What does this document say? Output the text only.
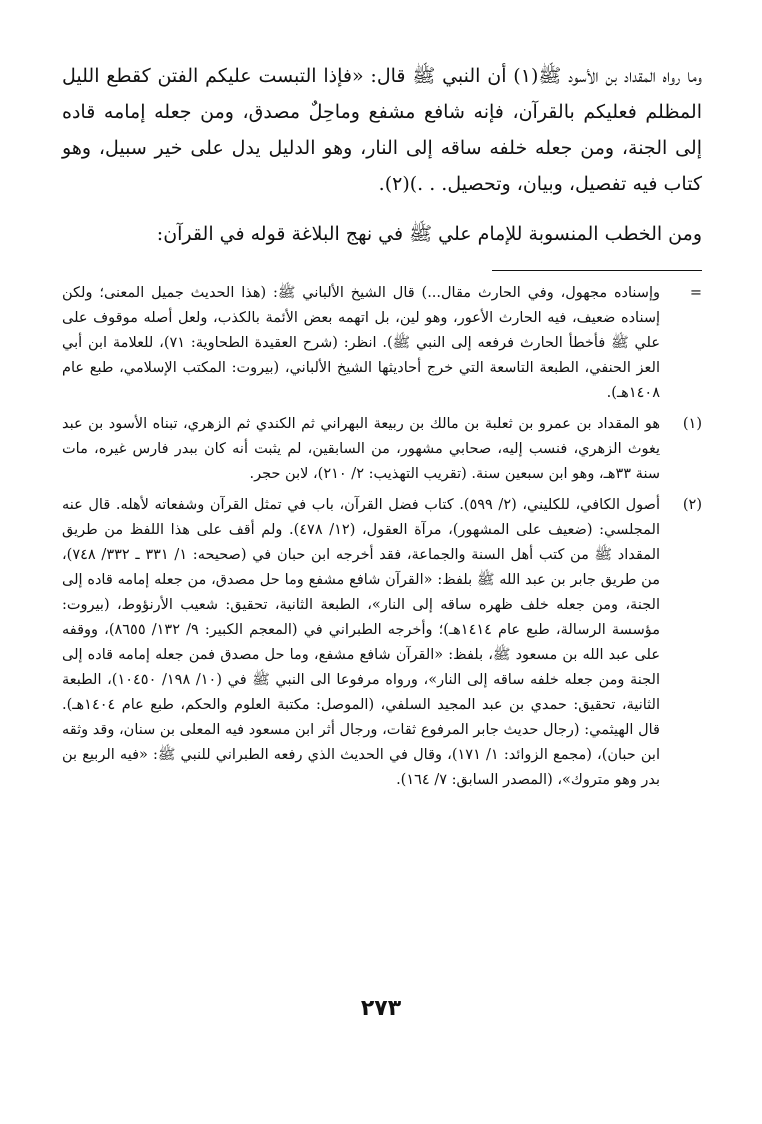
وما رواه المقداد بن الأسود ﷺ(١) أن النبي ﷺ قال: «فإذا التبست عليكم الفتن كقطع الليل المظلم فعليكم بالقرآن، فإنه شافع مشفع وماحِلٌ مصدق، ومن جعله إمامه قاده إلى الجنة، ومن جعله خلفه ساقه إلى النار، وهو الدليل يدل على خير سبيل، وهو كتاب فيه تفصيل، وبيان، وتحصيل. . .)(٢).

ومن الخطب المنسوبة للإمام علي ﷺ في نهج البلاغة قوله في القرآن:

=
وإسناده مجهول، وفي الحارث مقال...) قال الشيخ الألباني ﷺ: (هذا الحديث جميل المعنى؛ ولكن إسناده ضعيف، فيه الحارث الأعور، وهو لين، بل اتهمه بعض الأئمة بالكذب، ولعل أصله موقوف على علي ﷺ فأخطأ الحارث فرفعه إلى النبي ﷺ). انظر: (شرح العقيدة الطحاوية: ٧١)، للعلامة ابن أبي العز الحنفي، الطبعة التاسعة التي خرج أحاديثها الشيخ الألباني، (بيروت: المكتب الإسلامي، طبع عام ١٤٠٨هـ).
(١)
هو المقداد بن عمرو بن ثعلبة بن مالك بن ربيعة البهراني ثم الكندي ثم الزهري، تبناه الأسود بن عبد يغوث الزهري، فنسب إليه، صحابي مشهور، من السابقين، لم يثبت أنه كان ببدر فارس غيره، مات سنة ٣٣هـ، وهو ابن سبعين سنة. (تقريب التهذيب: ٢/ ٢١٠)، لابن حجر.
(٢)
أصول الكافي، للكليني، (٢/ ٥٩٩). كتاب فضل القرآن، باب في تمثل القرآن وشفعاته لأهله. قال عنه المجلسي: (ضعيف على المشهور)، مرآة العقول، (١٢/ ٤٧٨). ولم أقف على هذا اللفظ من طريق المقداد ﷺ من كتب أهل السنة والجماعة، فقد أخرجه ابن حبان في (صحيحه: ١/ ٣٣١ ـ ٣٣٢/ ٧٤٨)، من طريق جابر بن عبد الله ﷺ بلفظ: «القرآن شافع مشفع وما حل مصدق، من جعله إمامه قاده إلى الجنة، ومن جعله خلف ظهره ساقه إلى النار»، الطبعة الثانية، تحقيق: شعيب الأرنؤوط، (بيروت: مؤسسة الرسالة، طبع عام ١٤١٤هـ)؛ وأخرجه الطبراني في (المعجم الكبير: ٩/ ١٣٢/ ٨٦٥٥)، ووقفه على عبد الله بن مسعود ﷺ، بلفظ: «القرآن شافع مشفع، وما حل مصدق فمن جعله إمامه قاده إلى الجنة ومن جعله خلفه ساقه إلى النار»، ورواه مرفوعا الى النبي ﷺ في (١٠/ ١٩٨/ ١٠٤٥٠)، الطبعة الثانية، تحقيق: حمدي بن عبد المجيد السلفي، (الموصل: مكتبة العلوم والحكم، طبع عام ١٤٠٤هـ). قال الهيثمي: (رجال حديث جابر المرفوع ثقات، ورجال أثر ابن مسعود فيه المعلى بن سنان، وقد وثقه ابن حبان)، (مجمع الزوائد: ١/ ١٧١)، وقال في الحديث الذي رفعه الطبراني للنبي ﷺ: «فيه الربيع بن بدر وهو متروك»، (المصدر السابق: ٧/ ١٦٤).
٢٧٣
